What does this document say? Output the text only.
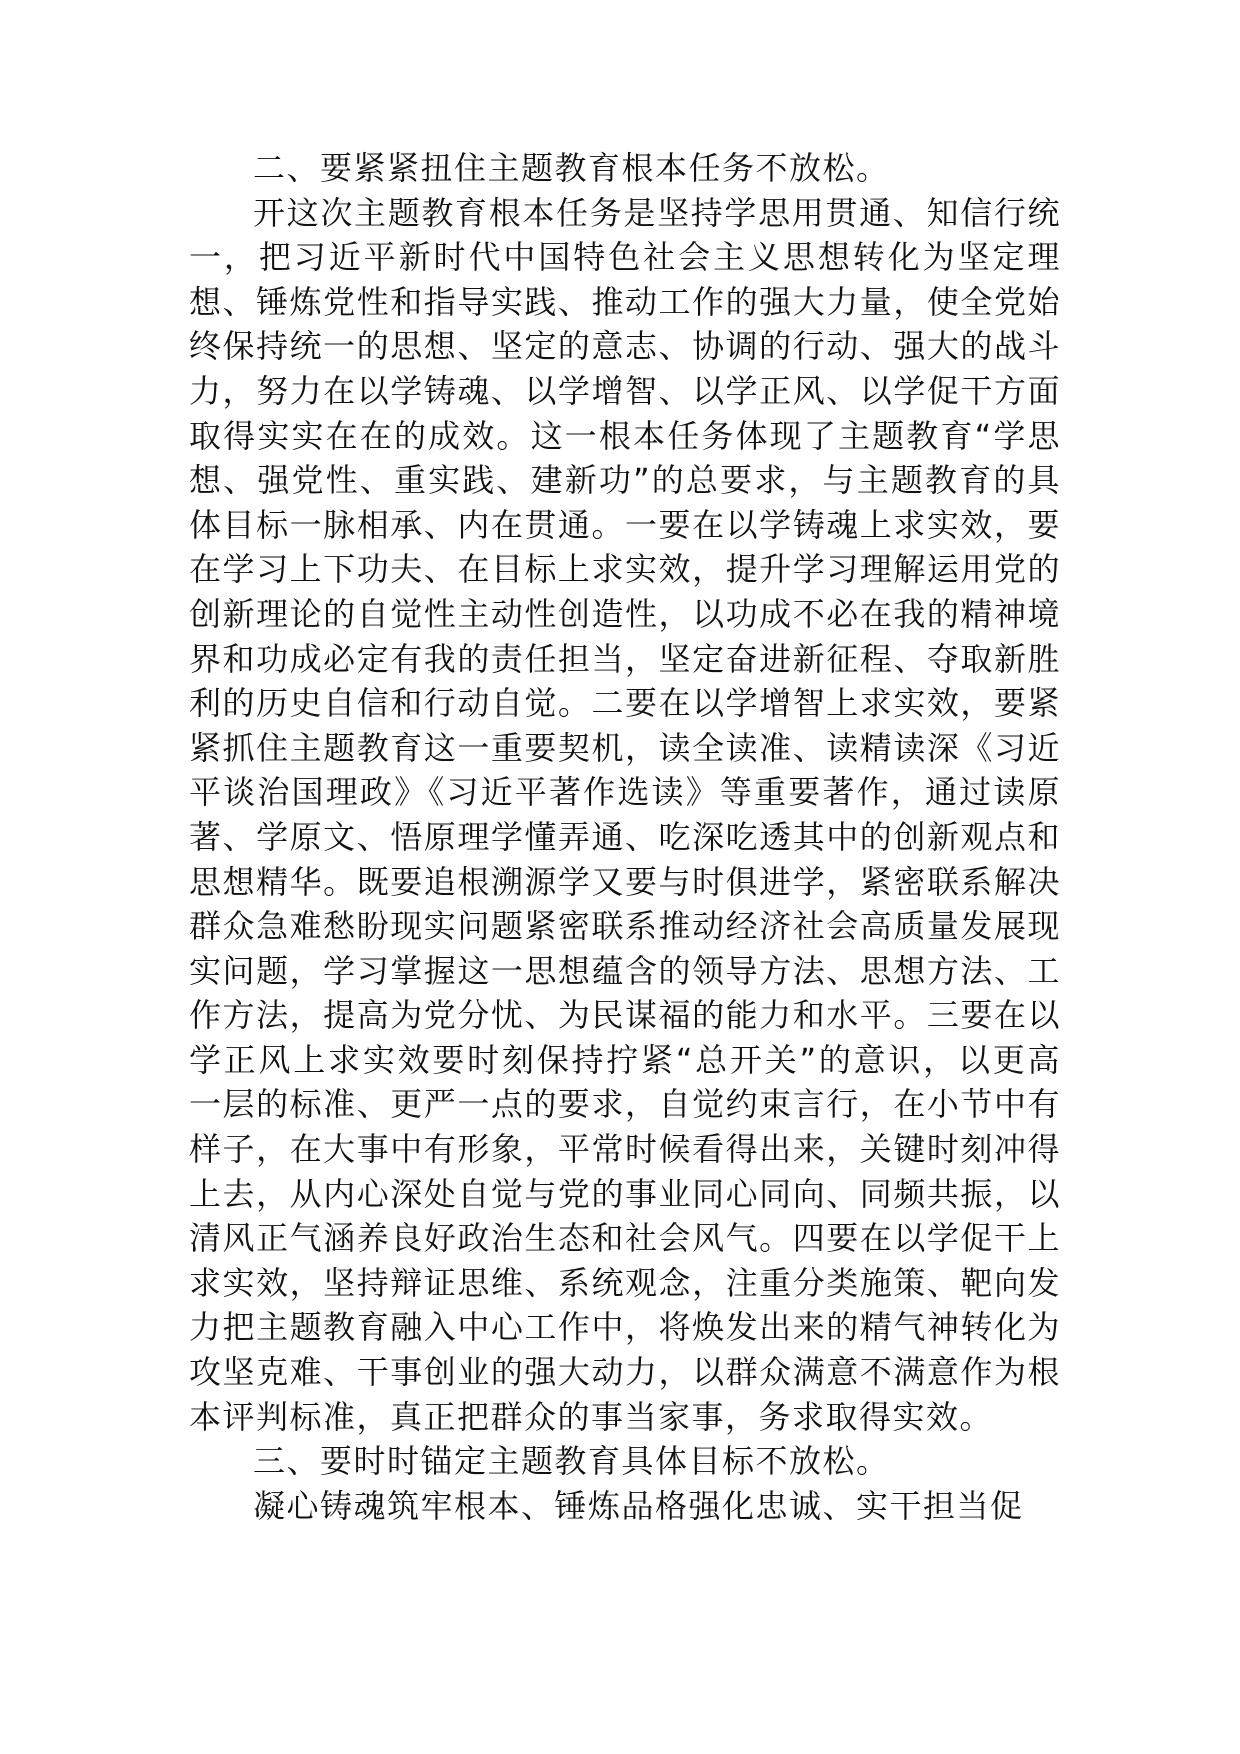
二、要紧紧扭住主题教育根本任务不放松。

开这次主题教育根本任务是坚持学思用贯通、知信行统一，把习近平新时代中国特色社会主义思想转化为坚定理想、锤炼党性和指导实践、推动工作的强大力量，使全党始终保持统一的思想、坚定的意志、协调的行动、强大的战斗力，努力在以学铸魂、以学增智、以学正风、以学促干方面取得实实在在的成效。这一根本任务体现了主题教育“学思想、强党性、重实践、建新功”的总要求，与主题教育的具体目标一脉相承、内在贯通。一要在以学铸魂上求实效，要在学习上下功夫、在目标上求实效，提升学习理解运用党的创新理论的自觉性主动性创造性，以功成不必在我的精神境界和功成必定有我的责任担当，坚定奋进新征程、夺取新胜利的历史自信和行动自觉。二要在以学增智上求实效，要紧紧抓住主题教育这一重要契机，读全读准、读精读深《习近平谈治国理政》《习近平著作选读》等重要著作，通过读原著、学原文、悟原理学懂弄通、吃深吃透其中的创新观点和思想精华。既要追根溯源学又要与时俱进学，紧密联系解决群众急难愁盼现实问题紧密联系推动经济社会高质量发展现实问题，学习掌握这一思想蕴含的领导方法、思想方法、工作方法，提高为党分忧、为民谋福的能力和水平。三要在以学正风上求实效要时刻保持拧紧“总开关”的意识，以更高一层的标准、更严一点的要求，自觉约束言行，在小节中有样子，在大事中有形象，平常时候看得出来，关键时刻冲得上去，从内心深处自觉与党的事业同心同向、同频共振，以清风正气涵养良好政治生态和社会风气。四要在以学促干上求实效，坚持辩证思维、系统观念，注重分类施策、靶向发力把主题教育融入中心工作中，将焕发出来的精气神转化为攻坚克难、干事创业的强大动力，以群众满意不满意作为根本评判标准，真正把群众的事当家事，务求取得实效。

三、要时时锚定主题教育具体目标不放松。

凝心铸魂筑牢根本、锤炼品格强化忠诚、实干担当促
